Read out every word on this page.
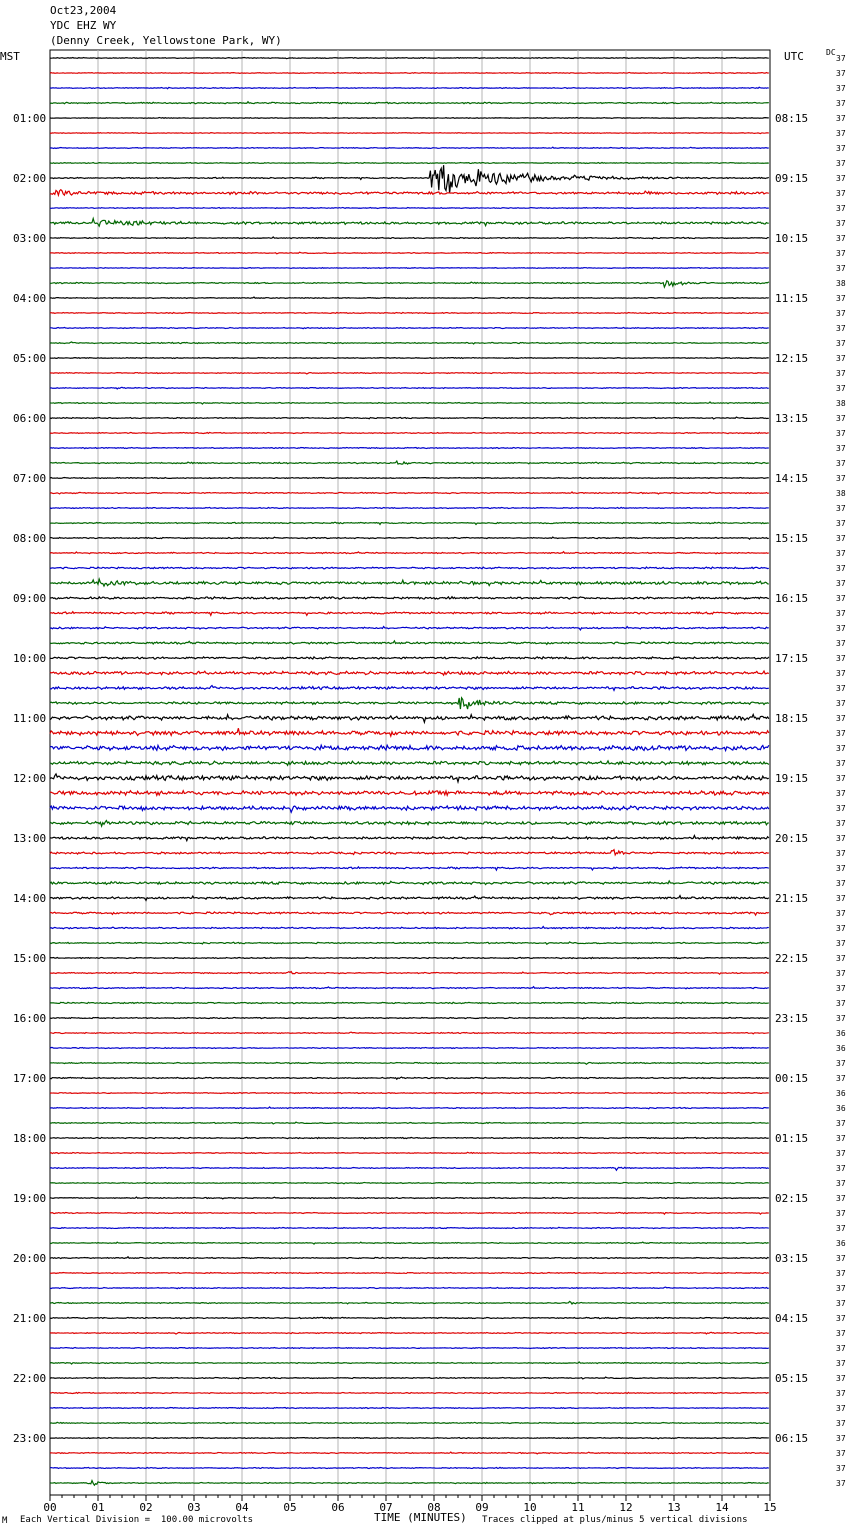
Oct23,2004
YDC EHZ WY
(Denny Creek, Yellowstone Park, WY)
MST	UTC	DC
00	01	02	03	04	05	06	07	08	09	10	11	12	13	14	15
01:00
02:00
03:00
04:00
05:00
06:00
07:00
08:00
09:00
10:00
11:00
12:00
13:00
14:00
15:00
16:00
17:00
18:00
19:00
20:00
21:00
22:00
23:00
08:15
09:15
10:15
11:15
12:15
13:15
14:15
15:15
16:15
17:15
18:15
19:15
20:15
21:15
22:15
23:15
00:15
01:15
02:15
03:15
04:15
05:15
06:15
37
37
37
37
37
37
37
37
37
37
37
37
37
37
37
38
37
37
37
37
37
37
37
38
37
37
37
37
37
38
37
37
37
37
37
37
37
37
37
37
37
37
37
37
37
37
37
37
37
37
37
37
37
37
37
37
37
37
37
37
37
37
37
37
37
36
36
37
37
36
36
37
37
37
37
37
37
37
37
36
37
37
37
37
37
37
37
37
37
37
37
37
37
37
37
37
TIME (MINUTES)
M Each Vertical Division =  100.00 microvolts	Traces clipped at plus/minus 5 vertical divisions
